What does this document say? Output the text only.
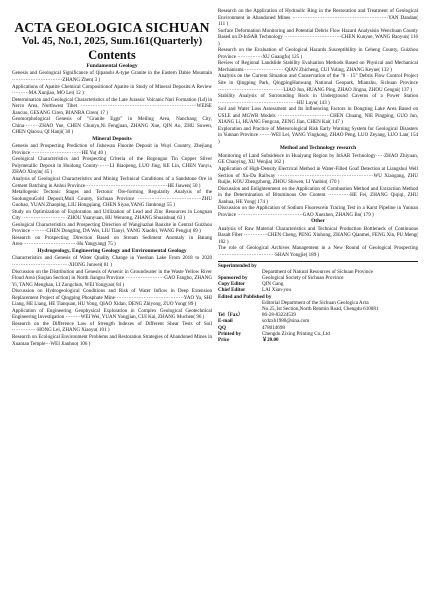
ACTA GEOLOGICA SICHUAN
Vol. 45, No.1, 2025, Sum.161(Quarterly)
Contents
Fundamental Geology
Genesis and Geological Significance of Qipanshi A-type Granite in the Eastern Dabie Mountain ······························ZHANG Zhen( 3 )
Applications of Apatite Chemical Compositionof Apatite in Study of Mineral Deposits:A Review ··········MA Xunjiao, MO Lei( 12 )
Determination and Geological Characteristics of the Late Jurassic Volcanic Nari Formation (Ld) in Nerco Area, Northwest Tibet ·····································································WEISE Jiancuo, GESANG Ciren, BIANBA Ciren( 17 )
Geomorphological Genesis of "Granite Eggs" in Meiling Area, Nanchang City, China·········ZHAO Yue, CHEN Chunyu,Ni Fengjuan, ZHANG Xue, QIN Ao, ZHU Suwen, CHEN Qiaoxu, QI Hanji( 30 )
Mineral Deposits
Genesis and Prospecting Prediction of Jishewan Fluorite Deposit in Wuyi Country, Zhejiang Province ······························HE Yu( 40 )
Geological Characteristics and Prospecting Criteria of the Bogongao Tin Copper Silver Polymetallic Deposit in Huidong County·······LI Biaopeng, LUO Jing, KE Lin, CHEN Yanyu, ZHAO Xinyin( 45 )
Analysis of Geological Characteristics and Mining Technical Conditions of a Sandstone Ore in Cement Batching in Anhui Province·················································HE Jiawen( 50 )
Metallogenic Tectonic Stages and Tectonic Ore-forming Regularity Analysis of the SuoluogouGold Deposit,Muli County, Sichuan Province ······································ZHU Guohao, YUAN Zhaoping, LIU Hongqiang, CHEN Siyao,YANG Jianhong( 55 )
Study on Optimization of Exploration and Utilization of Lead and Zinc Resources in Longnan City ···························ZHOU Yuanyuan, HU Wenrong, ZHANG Shuaishua( 63 )
Geological Characteristics and Prospecting Direction of Wangjiazhai Bauxite in Central Guizhou Province ·········CHEN Dongting, DA Wei, LIU Tianyi, YANG Xiaofei, WANG Pengju( 69 )
Research on Prospecting Direction Based on Stream Sediment Anomaly in Batang Area·································Hu Yangyang( 75 )
Hydrogeology, Engineering Geology and Environmental Geology
Characteristics and Genesis of Water Quality Change in Yueshan Lake From 2018 to 2020 ··································XIONG Junwei( 81 )
Discussion on the Distribution and Genesis of Arsenic in Groundwater in the Waste Yellow River Flood Area (Suqian Section) in North Jiangsu Province ·······················GAO Fangbo, ZHANG Yi, TANG Menghan, LI Zongchun, WEI Yongyao( 84 )
Discussion on Hydrogeological Conditions and Risk of Water Inflow in Deep Extension Replacement Project of Qingping Phosphate Mine·········································YAO Yu, SHI Liang, HE Liang, HE Tianquan, HU Yong, QIAO Xidan, DENG Zhiyong, ZUO Yong( 89 )
Application of Engineering Geophysical Exploration in Complex Geological Geotechnical Engineering Investigation ·········WEI Wei, YUAN Yongjian, CUI Kai, ZHANG Muchen( 96 )
Research on the Difference Law of Strength Indexes of Different Shear Tests of Soil ···············HONG Lei, ZHANG Xiaoyu( 101 )
Research on Ecological Environment Problems and Restoration Strategies of Abandoned Mines in Xuantan Temple···WEI Jianhuo( 106 )
Research on the Application of Hydraulic Ring in the Restoration and Treatment of Geological Environment in Abandoned Mines ·························································YAN Dandan( 111 )
Surface Deformation Monitoring and Potential Debris Flow Hazard Analysisin Wenchuan County Based on D-InSAR Technology ··································CHEN Kunyue, WANG Baoyun( 116 )
Research on the Evaluation of Geological Hazards Susceptibility in Ceheng County, Guizhou Province ···············XU Guangfu( 125 )
Review of Regional Landslide Stability Evaluation Methods Based on Physical and Mechanical Mechanisms ························QIAN Zhicheng, CUI Yuling, ZHANG Keyue( 132 )
Analysis on the Current Situation and Conservation of the "8 · 15" Debris Flow Control Project Site in Qingping Park, QingpingHanwang National Geopark, Mianzhu, Sichuan Province ·······································LIAO Jun, HUANG Ping, ZHAO Jingna, ZHOU Cengui( 137 )
Stability Analysis of Surrounding Rock in Underground Caverns of a Power Station ···············································HU Luyu( 143 )
Soil and Water Loss Assessment and Its Influencing Factors in Dongting Lake Area Based on USLE and MGWR Models ·······························CHEN Chuang, NIE Pingping, GUO Jun, XIANG Li, HUANG Fengcan, ZENG Jian, CHEN Kai( 147 )
Exploration and Practice of Meteorological Risk Early Warning System for Geological Disasters in Yunnan Province ·······WEI Lei, YANG Yingkong, ZHAO Peng, LUO Zeyang, LUO Lan( 154 )
Method and Technology research
Monitoring of Land Subsidence in Huaiyang Region by InSAR Technology·····ZHAO Zhiyuan, GE Chaoying, XU Wenjia( 162 )
Application of High-Density Electrical Method in Water-Filled Goaf Detection at Liangshui Well Section of Xu-Da Railway ·························································WU Xiaogang, ZHU Ruijie, KOU Zhengzhong, ZHOU Shiwen, LI Yanbin( 170 )
Discussion and Enlightenment on the Application of Combustion Method and Extraction Method in the Determination of Bituminous Ore Content ·············HE Fei, ZHANG Qiqiqi, ZHU Jianhua, HE Yong( 174 )
Discussion on the Application of Sodium Fluorescein Tracing Test in a Karst Pipeline in Yunnan Province ·······································GAO Xuezhen, ZHANG Bo( 179 )
Other
Analysis of Raw Material Characteristics and Technical Production Bottleneck of Continuous Basalt Fiber ··············CHEN Cheng, PENG Xiuhong, ZHANG Qianmei, FENG Xin, PU Meng( 182 )
The role of Geological Archives Management in a New Round of Geological Prospecting ··································SHAN Yongjie( 189 )
Superintended by
Department of Natural Resources of Sichuan Province
Sponsored by	Geological Society of Sichuan Province
Copy Editor	QIN Gang
Chief Editor	LAI Xian-you
Edited and Published by
Editorial Department of the Sichuan Geologica Acta
No.25,1st Section,North Renmin Road, Chengdu 610081
Tel（Fax）	86-28-83224539
E-mail	scdzxb1980@sina.com
QQ	478014698
Printed by	Chengdu Zixing Printing Co.,Ltd
Price	￥20.00
